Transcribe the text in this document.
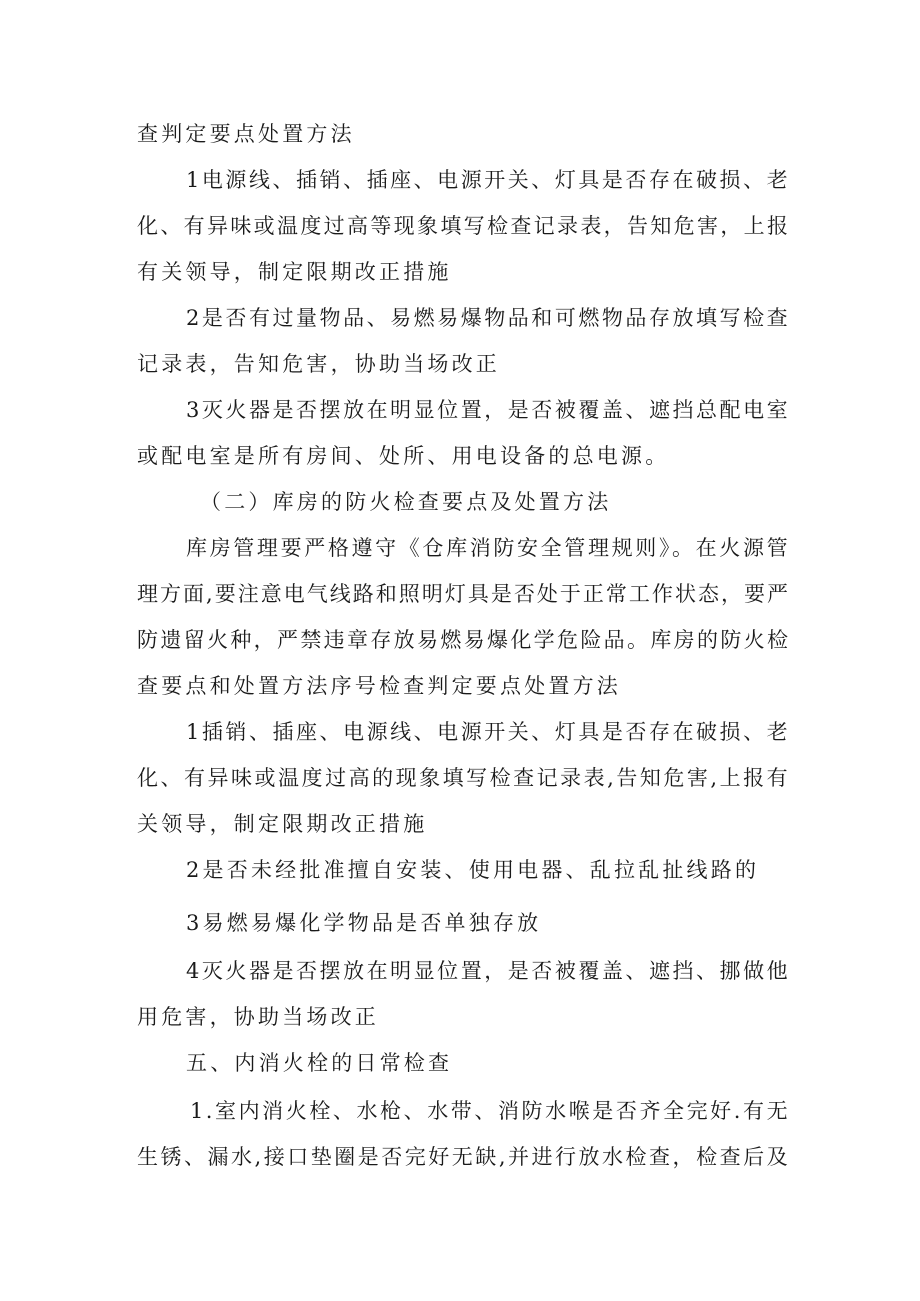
查判定要点处置方法
1电源线、插销、插座、电源开关、灯具是否存在破损、老
化、有异味或温度过高等现象填写检查记录表，告知危害，上报
有关领导，制定限期改正措施
2是否有过量物品、易燃易爆物品和可燃物品存放填写检查
记录表，告知危害，协助当场改正
3灭火器是否摆放在明显位置，是否被覆盖、遮挡总配电室
或配电室是所有房间、处所、用电设备的总电源。
（二）库房的防火检查要点及处置方法
库房管理要严格遵守《仓库消防安全管理规则》。在火源管
理方面,要注意电气线路和照明灯具是否处于正常工作状态，要严
防遗留火种，严禁违章存放易燃易爆化学危险品。库房的防火检
查要点和处置方法序号检查判定要点处置方法
1插销、插座、电源线、电源开关、灯具是否存在破损、老
化、有异味或温度过高的现象填写检查记录表,告知危害,上报有
关领导，制定限期改正措施
2是否未经批准擅自安装、使用电器、乱拉乱扯线路的
3易燃易爆化学物品是否单独存放
4灭火器是否摆放在明显位置，是否被覆盖、遮挡、挪做他
用危害，协助当场改正
五、内消火栓的日常检查
1.室内消火栓、水枪、水带、消防水喉是否齐全完好.有无
生锈、漏水,接口垫圈是否完好无缺,并进行放水检查，检查后及
